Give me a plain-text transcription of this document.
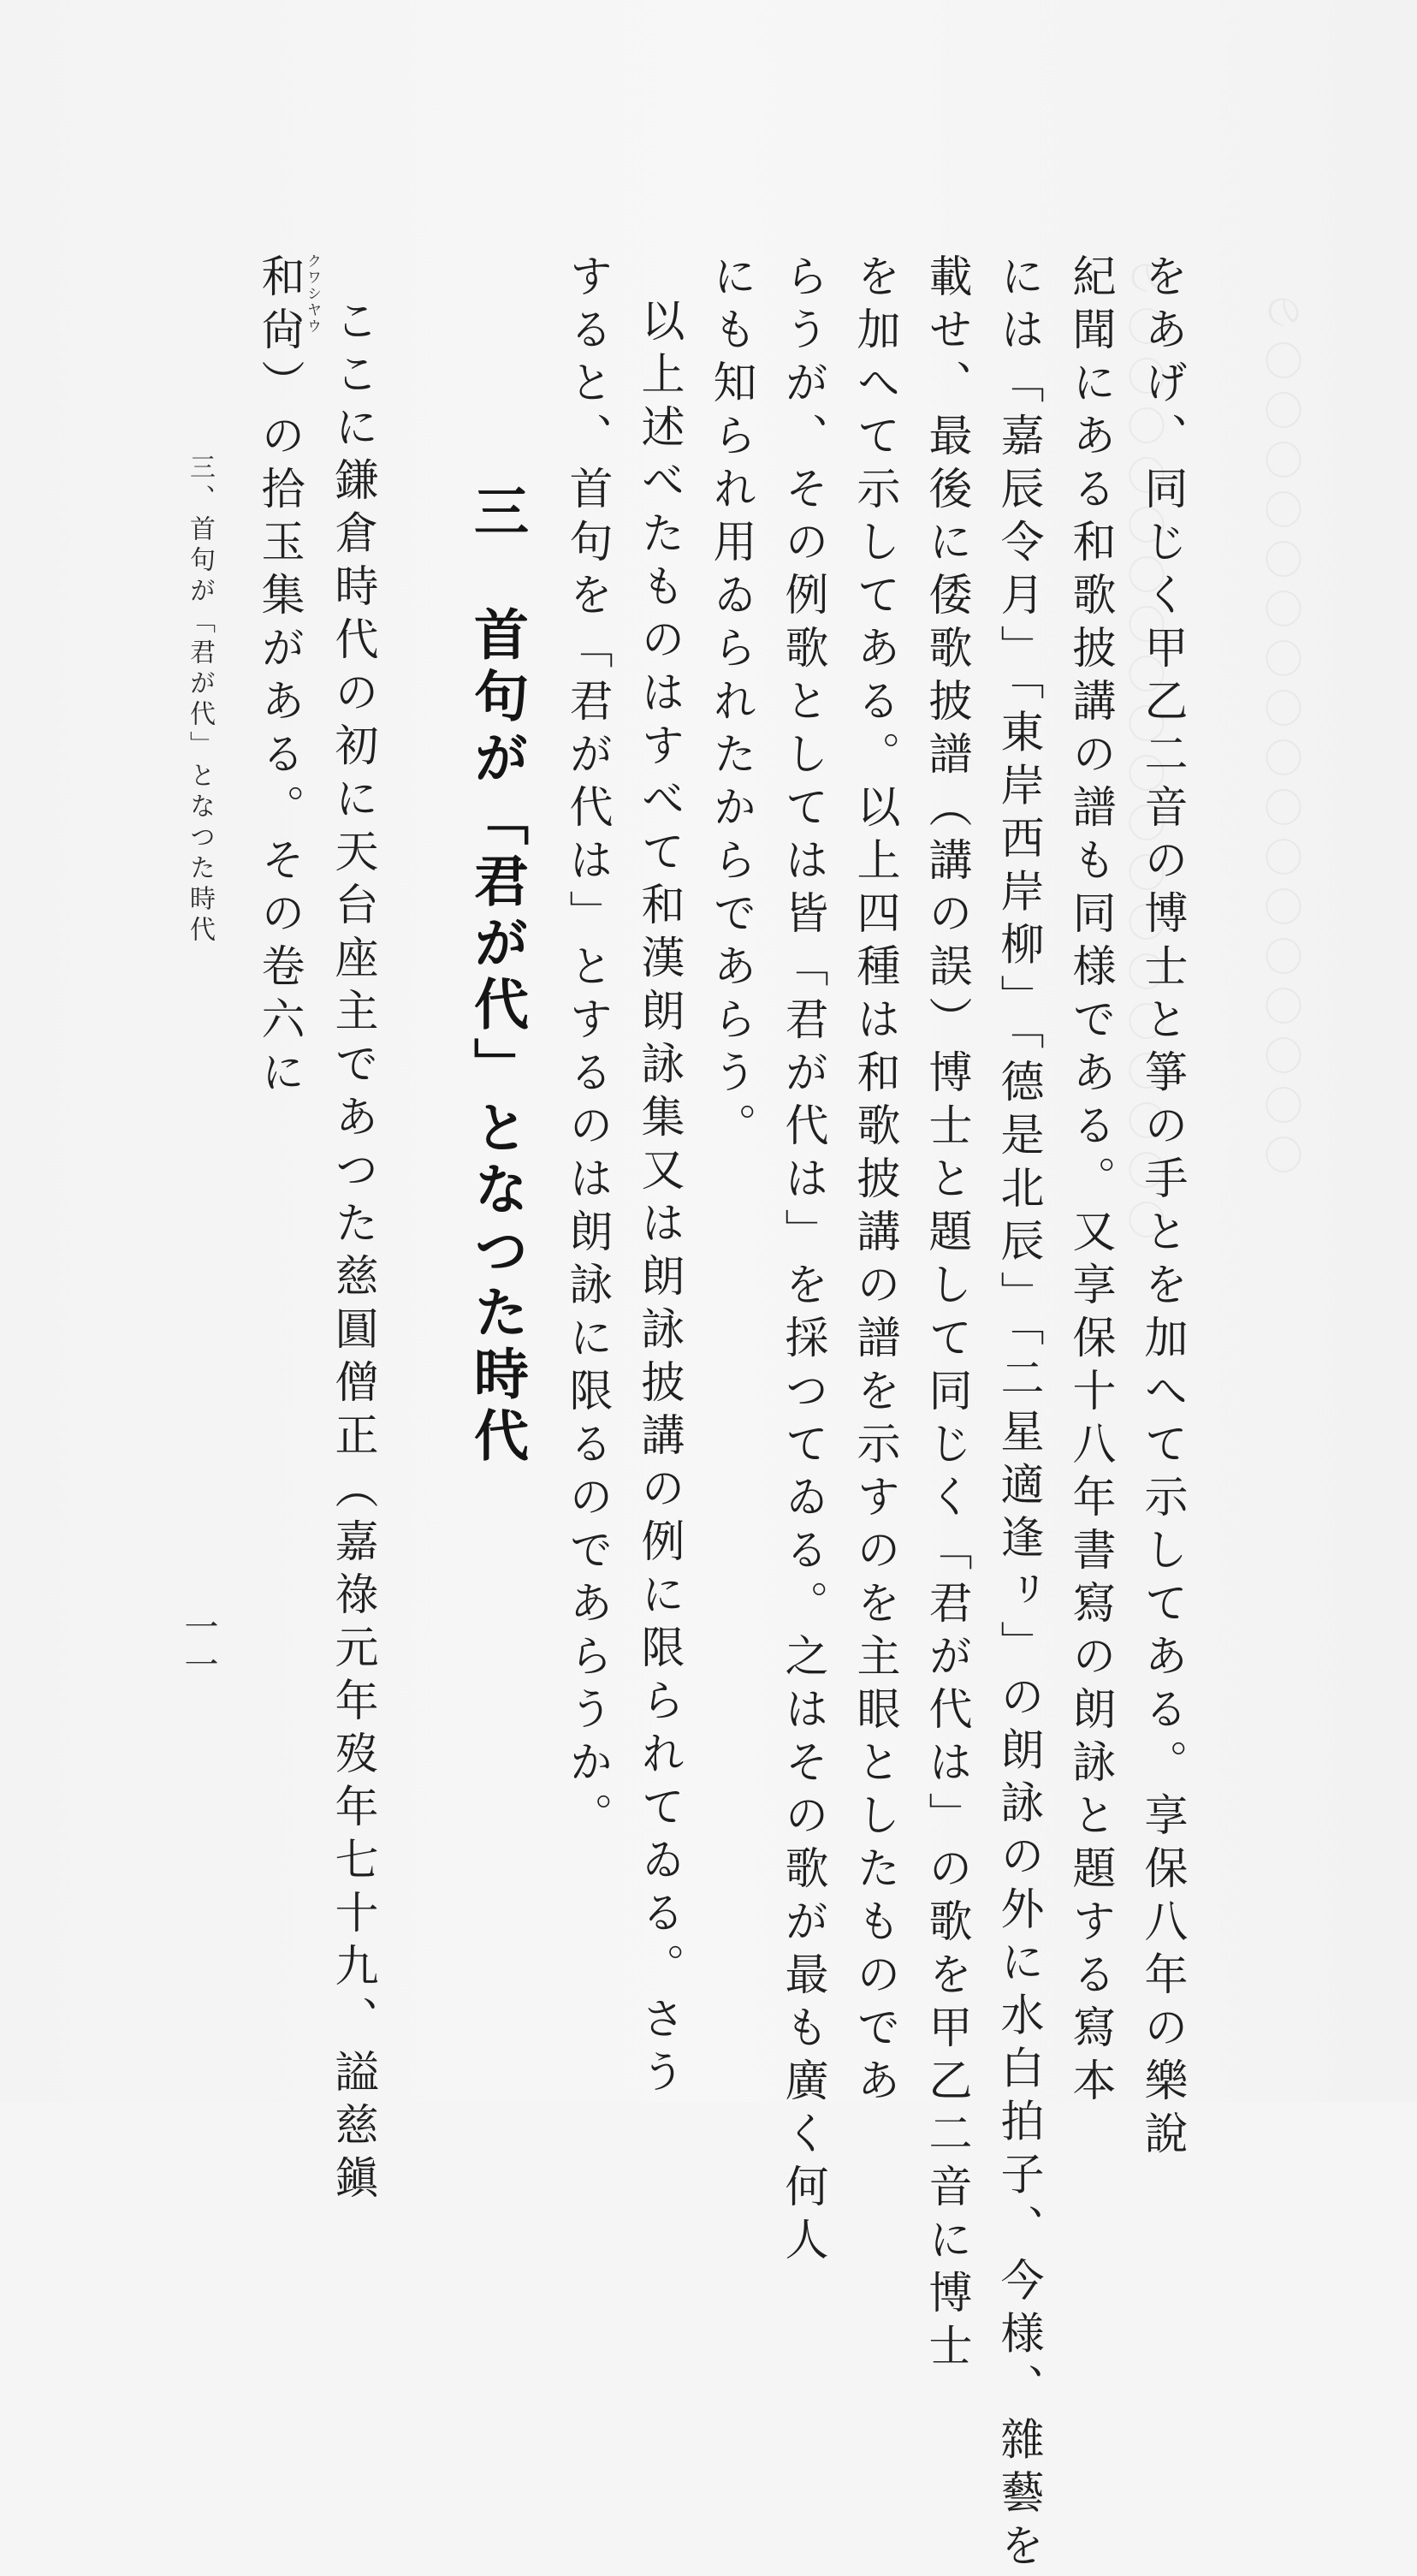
をあげ、同じく甲乙二音の博士と箏の手とを加へて示してある。享保八年の樂說
紀聞にある和歌披講の譜も同様である。又享保十八年書寫の朗詠と題する寫本
には「嘉辰令月」「東岸西岸柳」「德是北辰」「二星適逢ㇼ」の朗詠の外に水白拍子、今様、雜藝を
載せ、最後に倭歌披譜（講の誤）博士と題して同じく「君が代は」の歌を甲乙二音に博士
を加へて示してある。以上四種は和歌披講の譜を示すのを主眼としたものであ
らうが、その例歌としては皆「君が代は」を採つてゐる。之はその歌が最も廣く何人
にも知られ用ゐられたからであらう。
以上述べたものはすべて和漢朗詠集又は朗詠披講の例に限られてゐる。さう
すると、首句を「君が代は」とするのは朗詠に限るのであらうか。
三　首句が「君が代」となつた時代
ここに鎌倉時代の初に天台座主であつた慈圓僧正（嘉祿元年歿年七十九、謚慈鎭
クワシヤウ
和尙）の拾玉集がある。その卷六に
三、首句が「君が代」となつた時代
一一
